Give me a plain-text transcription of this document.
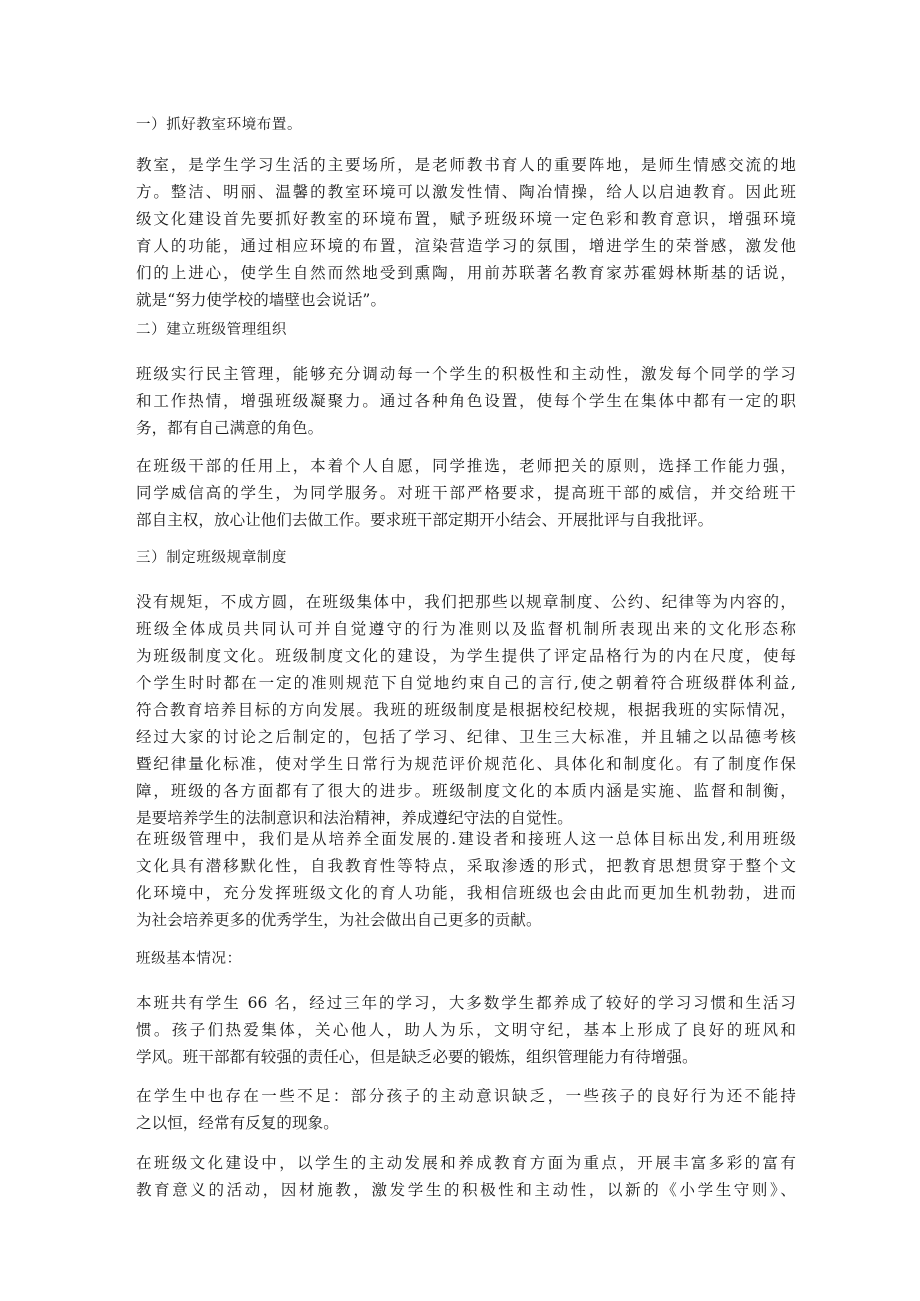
一）抓好教室环境布置。

教室，是学生学习生活的主要场所，是老师教书育人的重要阵地，是师生情感交流的地
方。整洁、明丽、温馨的教室环境可以激发性情、陶冶情操，给人以启迪教育。因此班
级文化建设首先要抓好教室的环境布置，赋予班级环境一定色彩和教育意识，增强环境
育人的功能，通过相应环境的布置，渲染营造学习的氛围，增进学生的荣誉感，激发他
们的上进心，使学生自然而然地受到熏陶，用前苏联著名教育家苏霍姆林斯基的话说，
就是“努力使学校的墙壁也会说话”。

二）建立班级管理组织

班级实行民主管理，能够充分调动每一个学生的积极性和主动性，激发每个同学的学习
和工作热情，增强班级凝聚力。通过各种角色设置，使每个学生在集体中都有一定的职
务，都有自己满意的角色。

在班级干部的任用上，本着个人自愿，同学推选，老师把关的原则，选择工作能力强，
同学威信高的学生，为同学服务。对班干部严格要求，提高班干部的威信，并交给班干
部自主权，放心让他们去做工作。要求班干部定期开小结会、开展批评与自我批评。

三）制定班级规章制度

没有规矩，不成方圆，在班级集体中，我们把那些以规章制度、公约、纪律等为内容的，
班级全体成员共同认可并自觉遵守的行为准则以及监督机制所表现出来的文化形态称
为班级制度文化。班级制度文化的建设，为学生提供了评定品格行为的内在尺度，使每
个学生时时都在一定的准则规范下自觉地约束自己的言行,使之朝着符合班级群体利益,
符合教育培养目标的方向发展。我班的班级制度是根据校纪校规，根据我班的实际情况，
经过大家的讨论之后制定的，包括了学习、纪律、卫生三大标准，并且辅之以品德考核
暨纪律量化标准，使对学生日常行为规范评价规范化、具体化和制度化。有了制度作保
障，班级的各方面都有了很大的进步。班级制度文化的本质内涵是实施、监督和制衡，
是要培养学生的法制意识和法治精神，养成遵纪守法的自觉性。

在班级管理中，我们是从培养全面发展的.建设者和接班人这一总体目标出发,利用班级
文化具有潜移默化性，自我教育性等特点，采取渗透的形式，把教育思想贯穿于整个文
化环境中，充分发挥班级文化的育人功能，我相信班级也会由此而更加生机勃勃，进而
为社会培养更多的优秀学生，为社会做出自己更多的贡献。

班级基本情况：

本班共有学生 66 名，经过三年的学习，大多数学生都养成了较好的学习习惯和生活习
惯。孩子们热爱集体，关心他人，助人为乐，文明守纪，基本上形成了良好的班风和
学风。班干部都有较强的责任心，但是缺乏必要的锻炼，组织管理能力有待增强。

在学生中也存在一些不足：部分孩子的主动意识缺乏，一些孩子的良好行为还不能持
之以恒，经常有反复的现象。

在班级文化建设中，以学生的主动发展和养成教育方面为重点，开展丰富多彩的富有
教育意义的活动，因材施教，激发学生的积极性和主动性，以新的《小学生守则》、
